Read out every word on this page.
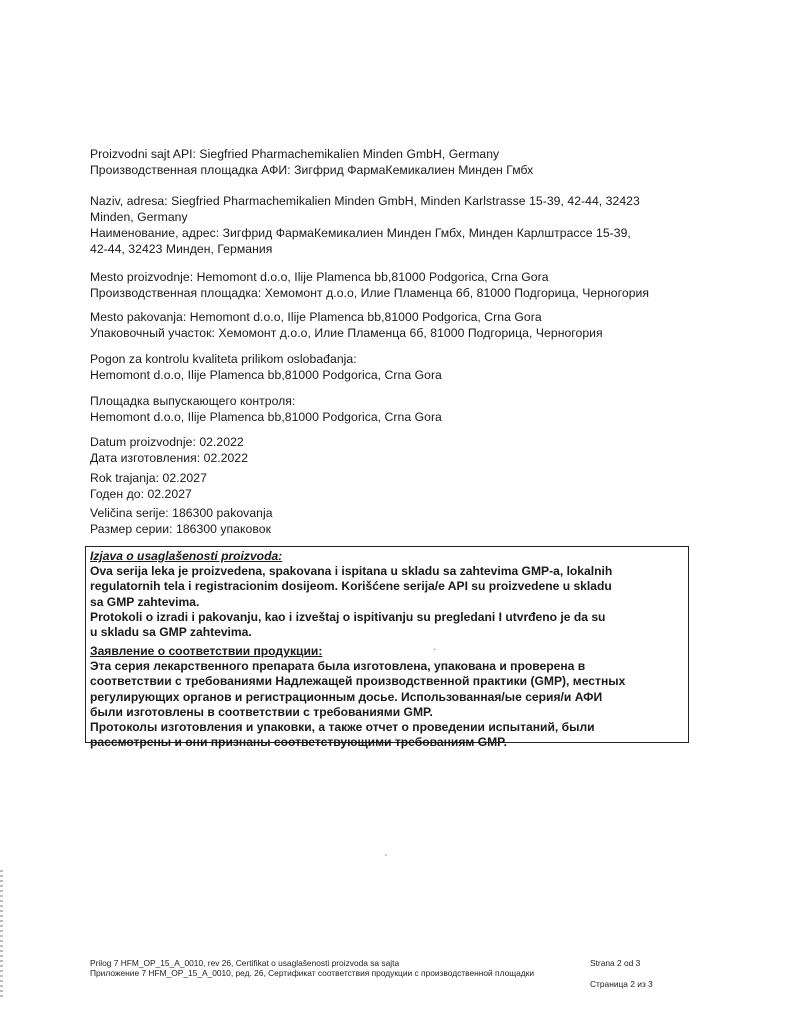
Proizvodni sajt API: Siegfried Pharmachemikalien Minden GmbH, Germany
Производственная площадка АФИ: Зигфрид ФармаКемикалиен Минден Гмбх
Naziv, adresa: Siegfried Pharmachemikalien Minden GmbH, Minden Karlstrasse 15-39, 42-44, 32423
Minden, Germany
Наименование, адрес: Зигфрид ФармаКемикалиен Минден Гмбх, Минден Карлштрассе 15-39,
42-44, 32423 Минден, Германия
Mesto proizvodnje: Hemomont d.o.o, Ilije Plamenca bb,81000 Podgorica, Crna Gora
Производственная площадка: Хемомонт д.о.о, Илие Пламенца 6б, 81000 Подгорица, Черногория
Mesto pakovanja: Hemomont d.o.o, Ilije Plamenca bb,81000 Podgorica, Crna Gora
Упаковочный участок: Хемомонт д.о.о, Илие Пламенца 6б, 81000 Подгорица, Черногория
Pogon za kontrolu kvaliteta prilikom oslobađanja:
Hemomont d.o.o, Ilije Plamenca bb,81000 Podgorica, Crna Gora
Площадка выпускающего контроля:
Hemomont d.o.o, Ilije Plamenca bb,81000 Podgorica, Crna Gora
Datum proizvodnje: 02.2022
Дата изготовления: 02.2022
Rok trajanja: 02.2027
Годен до: 02.2027
Veličina serije: 186300 pakovanja
Размер серии: 186300 упаковок
Izjava o usaglašenosti proizvoda:
Ova serija leka je proizvedena, spakovana i ispitana u skladu sa zahtevima GMP-a, lokalnih
regulatornih tela i registracionim dosijeom. Korišćene serija/e API su proizvedene u skladu
sa GMP zahtevima.
Protokoli o izradi i pakovanju, kao i izveštaj o ispitivanju su pregledani I utvrđeno je da su
u skladu sa GMP zahtevima.
Заявление о соответствии продукции:
Эта серия лекарственного препарата была изготовлена, упакована и проверена в
соответствии с требованиями Надлежащей производственной практики (GMP), местных
регулирующих органов и регистрационным досье. Использованная/ые серия/и АФИ
были изготовлены в соответствии с требованиями GMP.
Протоколы изготовления и упаковки, а также отчет о проведении испытаний, были
рассмотрены и они признаны соответствующими требованиям GMP.
ˏ
·
Prilog 7 HFM_OP_15_A_0010, rev 26, Certifikat o usaglašenosti proizvoda sa sajta	Strana 2 od 3
Приложение 7 HFM_OP_15_A_0010, ред. 26, Сертификат соответствия продукции с производственной площадки
Страница 2 из 3
